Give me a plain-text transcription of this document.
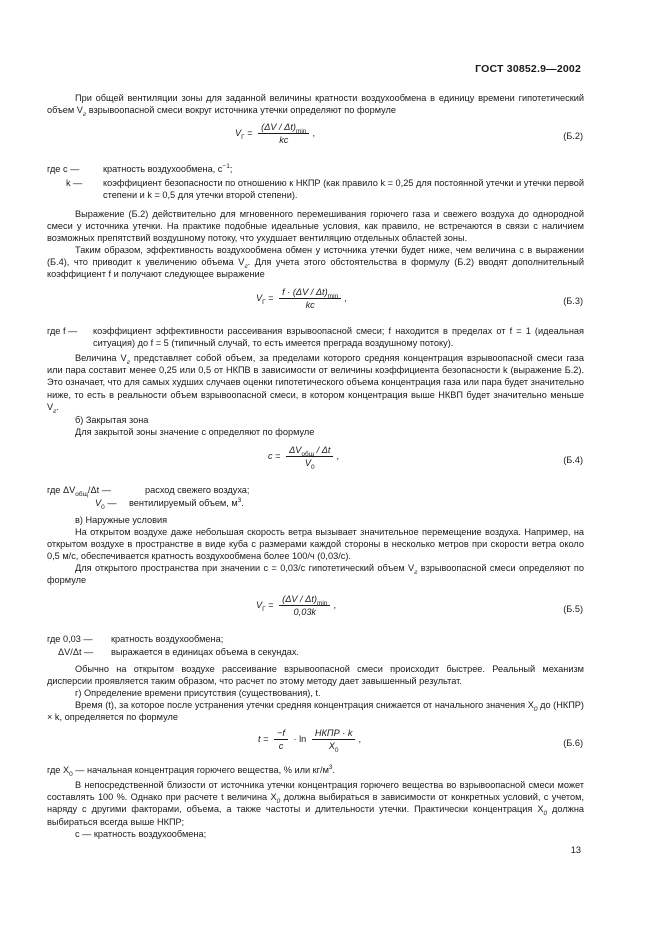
ГОСТ 30852.9—2002
При общей вентиляции зоны для заданной величины кратности воздухообмена в единицу времени гипотетический объем $V_г$ взрывоопасной смеси вокруг источника утечки определяют по формуле
$V_Г = \frac{(\Delta V / \Delta t)_{min}}{kc}$ ,	(Б.2)
где c —	кратность воздухообмена, $с^{-1}$;
k — коэффициент безопасности по отношению к НКПР (как правило k = 0,25 для постоянной утечки и утечки первой степени и k = 0,5 для утечки второй степени).
Выражение (Б.2) действительно для мгновенного перемешивания горючего газа и свежего воздуха до однородной смеси у источника утечки. На практике подобные идеальные условия, как правило, не встречаются в связи с наличием возможных препятствий воздушному потоку, что ухудшает вентиляцию отдельных областей зоны.
Таким образом, эффективность воздухообмена обмен у источника утечки будет ниже, чем величина c в выражении (Б.4), что приводит к увеличению объема $V_г$. Для учета этого обстоятельства в формулу (Б.2) вводят дополнительный коэффициент f и получают следующее выражение
$V_Г = \frac{f \cdot (\Delta V / \Delta t)_{min}}{kc}$ ,	(Б.3)
где f — коэффициент эффективности рассеивания взрывоопасной смеси; f находится в пределах от f = 1 (идеальная ситуация) до f = 5 (типичный случай, то есть имеется преграда воздушному потоку).
Величина $V_г$ представляет собой объем, за пределами которого средняя концентрация взрывоопасной смеси газа или пара составит менее 0,25 или 0,5 от НКПВ в зависимости от величины коэффициента безопасности k (выражение Б.2). Это означает, что для самых худших случаев оценки гипотетического объема концентрация газа или пара будет значительно ниже, то есть в реальности объем взрывоопасной смеси, в котором концентрация выше НКВП будет значительно меньше $V_г$.
б) Закрытая зона
Для закрытой зоны значение c определяют по формуле
$c = \frac{\Delta V_{общ} / \Delta t}{V_0}$ ,	(Б.4)
где $\Delta V_{общ}/\Delta t$ —	расход свежего воздуха;
$V_0$ — вентилируемый объем, $м^3$.
в) Наружные условия
На открытом воздухе даже небольшая скорость ветра вызывает значительное перемещение воздуха. Например, на открытом воздухе в пространстве в виде куба с размерами каждой стороны в несколько метров при скорости ветра около 0,5 м/с, обеспечивается кратность воздухообмена более 100/ч (0,03/с).
Для открытого пространства при значении c = 0,03/с гипотетический объем $V_г$ взрывоопасной смеси определяют по формуле
$V_Г = \frac{(\Delta V / \Delta t)_{min}}{0,03k}$ ,	(Б.5)
где 0,03 — кратность воздухообмена;
ΔV/Δt — выражается в единицах объема в секундах.
Обычно на открытом воздухе рассеивание взрывоопасной смеси происходит быстрее. Реальный механизм дисперсии проявляется таким образом, что расчет по этому методу дает завышенный результат.
г) Определение времени присутствия (существования), t.
Время (t), за которое после устранения утечки средняя концентрация снижается от начального значения $X_0$ до (НКПР) × k, определяется по формуле
$t = \frac{-f}{c} \cdot \ln \frac{\text{НКПР · k}}{X_0}$ ,	(Б.6)
где $X_0$ — начальная концентрация горючего вещества, % или $кг/м^3$.
В непосредственной близости от источника утечки концентрация горючего вещества во взрывоопасной смеси может составлять 100 %. Однако при расчете t величина $X_0$ должна выбираться в зависимости от конкретных условий, с учетом, наряду с другими факторами, объема, а также частоты и длительности утечки. Практически концентрация $X_0$ должна выбираться всегда выше НКПР;
c — кратность воздухообмена;
13
